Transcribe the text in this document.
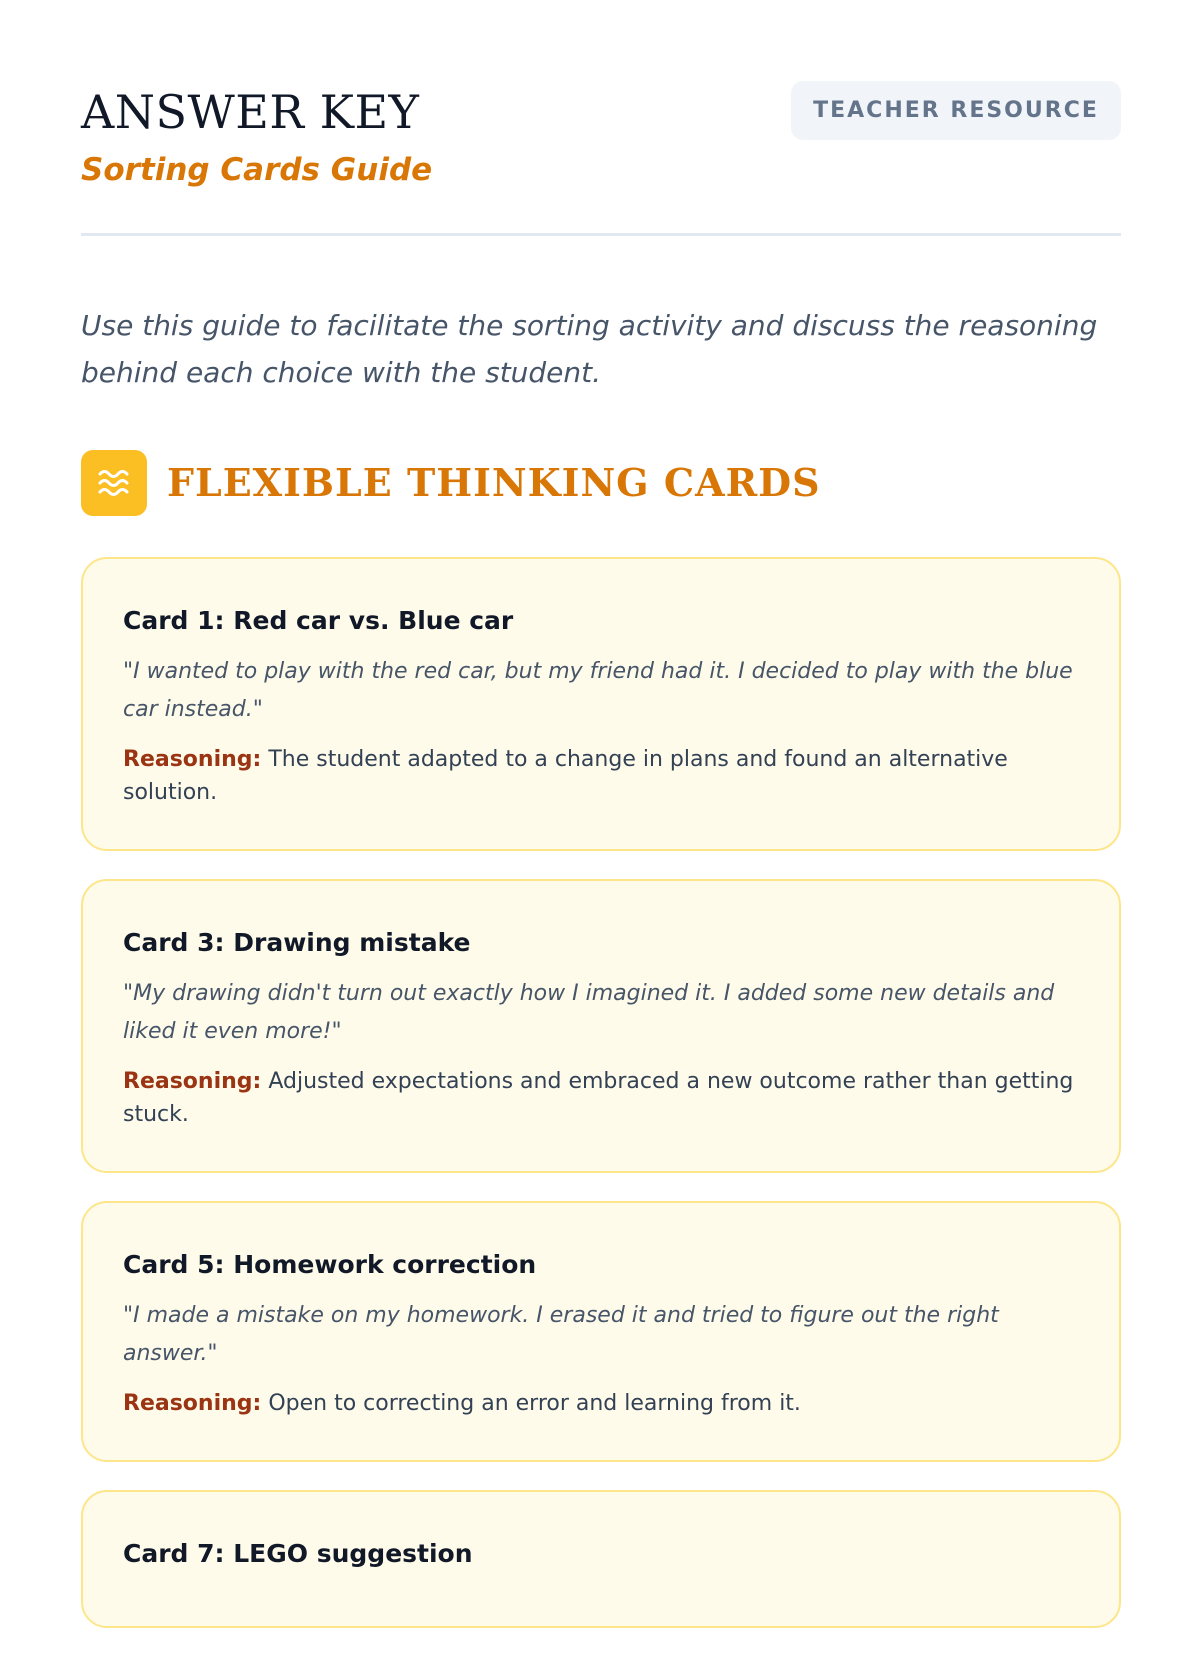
ANSWER KEY
Sorting Cards Guide
TEACHER RESOURCE

Use this guide to facilitate the sorting activity and discuss the reasoning behind each choice with the student.

FLEXIBLE THINKING CARDS
Card 1: Red car vs. Blue car
"I wanted to play with the red car, but my friend had it. I decided to play with the blue car instead."
Reasoning: The student adapted to a change in plans and found an alternative solution.
Card 3: Drawing mistake
"My drawing didn't turn out exactly how I imagined it. I added some new details and liked it even more!"
Reasoning: Adjusted expectations and embraced a new outcome rather than getting stuck.
Card 5: Homework correction
"I made a mistake on my homework. I erased it and tried to figure out the right answer."
Reasoning: Open to correcting an error and learning from it.
Card 7: LEGO suggestion
